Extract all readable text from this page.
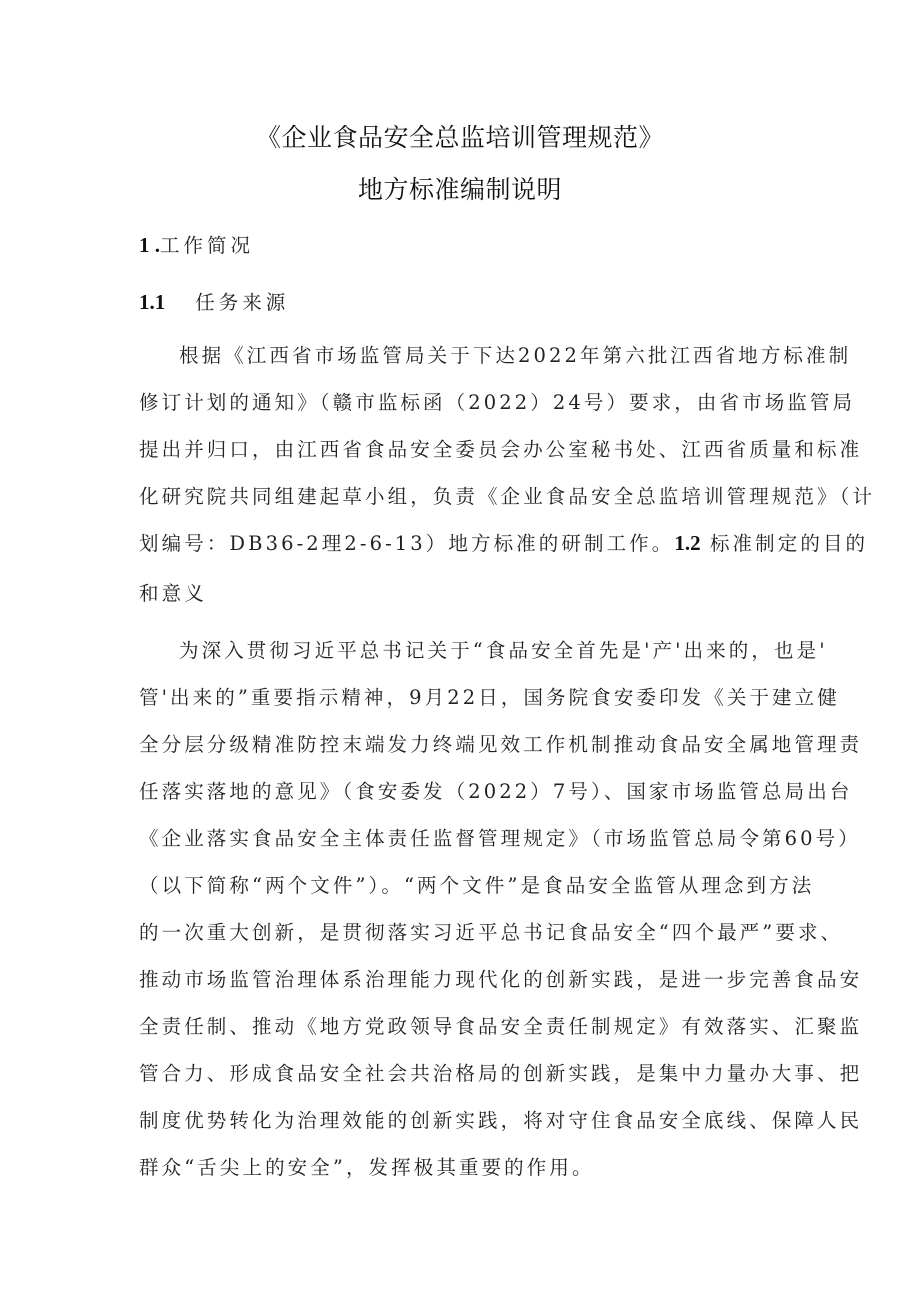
《企业食品安全总监培训管理规范》
地方标准编制说明
1 .工作简况
1.1 任务来源
根据《江西省市场监管局关于下达2022年第六批江西省地方标准制
修订计划的通知》（赣市监标函（2022）24号）要求，由省市场监管局
提出并归口，由江西省食品安全委员会办公室秘书处、江西省质量和标准
化研究院共同组建起草小组，负责《企业食品安全总监培训管理规范》（计
划编号：DB36-2理2-6-13）地方标准的研制工作。1.2 标准制定的目的
和意义
为深入贯彻习近平总书记关于“食品安全首先是'产'出来的，也是'
管'出来的”重要指示精神，9月22日，国务院食安委印发《关于建立健
全分层分级精准防控末端发力终端见效工作机制推动食品安全属地管理责
任落实落地的意见》（食安委发（2022）7号）、国家市场监管总局出台
《企业落实食品安全主体责任监督管理规定》（市场监管总局令第60号）
（以下简称“两个文件”）。“两个文件”是食品安全监管从理念到方法
的一次重大创新，是贯彻落实习近平总书记食品安全“四个最严”要求、
推动市场监管治理体系治理能力现代化的创新实践，是进一步完善食品安
全责任制、推动《地方党政领导食品安全责任制规定》有效落实、汇聚监
管合力、形成食品安全社会共治格局的创新实践，是集中力量办大事、把
制度优势转化为治理效能的创新实践，将对守住食品安全底线、保障人民
群众“舌尖上的安全”，发挥极其重要的作用。
